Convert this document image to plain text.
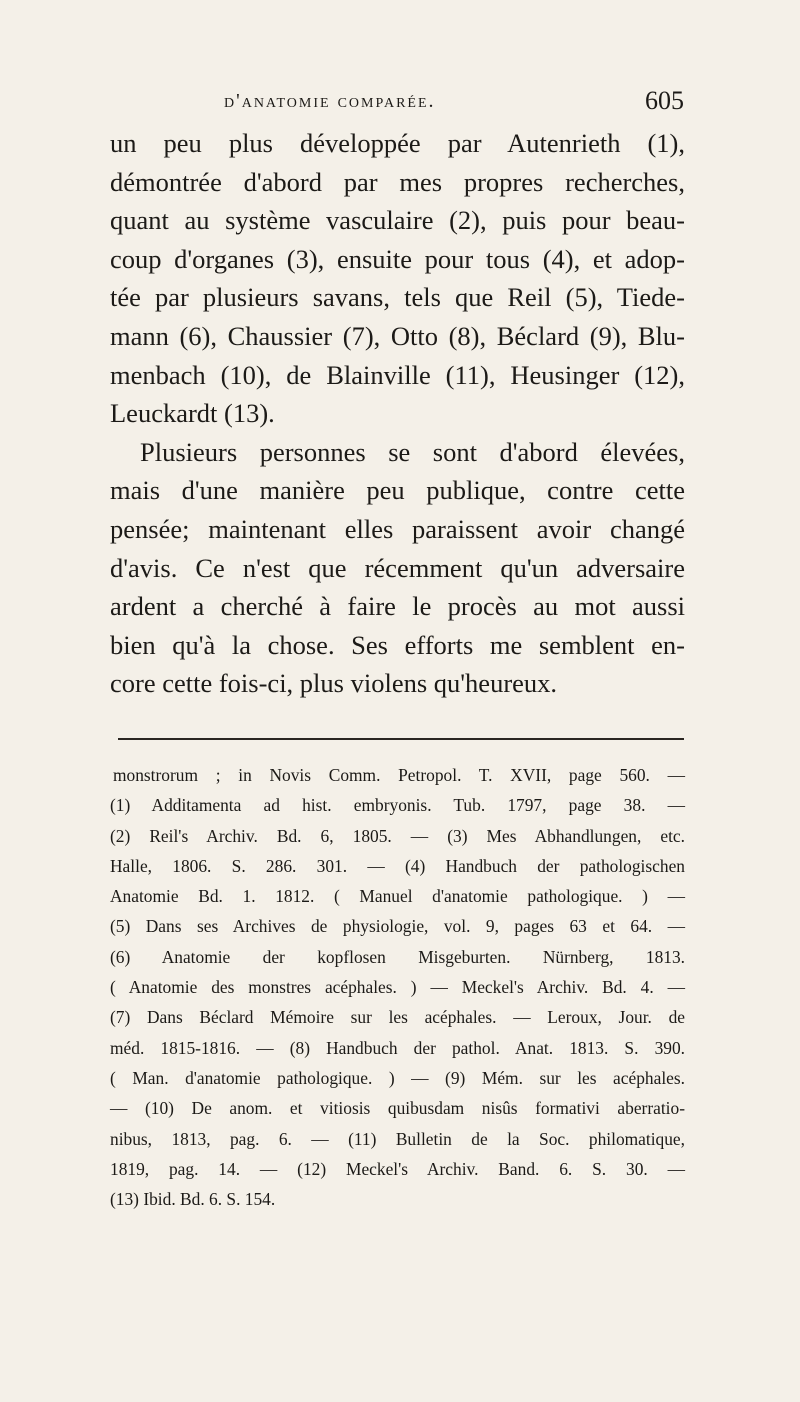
d'anatomie comparée.	605
un peu plus développée par Autenrieth (1),
démontrée d'abord par mes propres recherches,
quant au système vasculaire (2), puis pour beau-
coup d'organes (3), ensuite pour tous (4), et adop-
tée par plusieurs savans, tels que Reil (5), Tiede-
mann (6), Chaussier (7), Otto (8), Béclard (9), Blu-
menbach (10), de Blainville (11), Heusinger (12),
Leuckardt (13).
Plusieurs personnes se sont d'abord élevées,
mais d'une manière peu publique, contre cette
pensée; maintenant elles paraissent avoir changé
d'avis. Ce n'est que récemment qu'un adversaire
ardent a cherché à faire le procès au mot aussi
bien qu'à la chose. Ses efforts me semblent en-
core cette fois-ci, plus violens qu'heureux.
monstrorum ; in Novis Comm. Petropol. T. XVII, page 560. —
(1) Additamenta ad hist. embryonis. Tub. 1797, page 38. —
(2) Reil's Archiv. Bd. 6, 1805. — (3) Mes Abhandlungen, etc.
Halle, 1806. S. 286. 301. — (4) Handbuch der pathologischen
Anatomie Bd. 1. 1812. ( Manuel d'anatomie pathologique. ) —
(5) Dans ses Archives de physiologie, vol. 9, pages 63 et 64. —
(6) Anatomie der kopflosen Misgeburten. Nürnberg, 1813.
( Anatomie des monstres acéphales. ) — Meckel's Archiv. Bd. 4. —
(7) Dans Béclard Mémoire sur les acéphales. — Leroux, Jour. de
méd. 1815-1816. — (8) Handbuch der pathol. Anat. 1813. S. 390.
( Man. d'anatomie pathologique. ) — (9) Mém. sur les acéphales.
— (10) De anom. et vitiosis quibusdam nisûs formativi aberratio-
nibus, 1813, pag. 6. — (11) Bulletin de la Soc. philomatique,
1819, pag. 14. — (12) Meckel's Archiv. Band. 6. S. 30. —
(13) Ibid. Bd. 6. S. 154.
